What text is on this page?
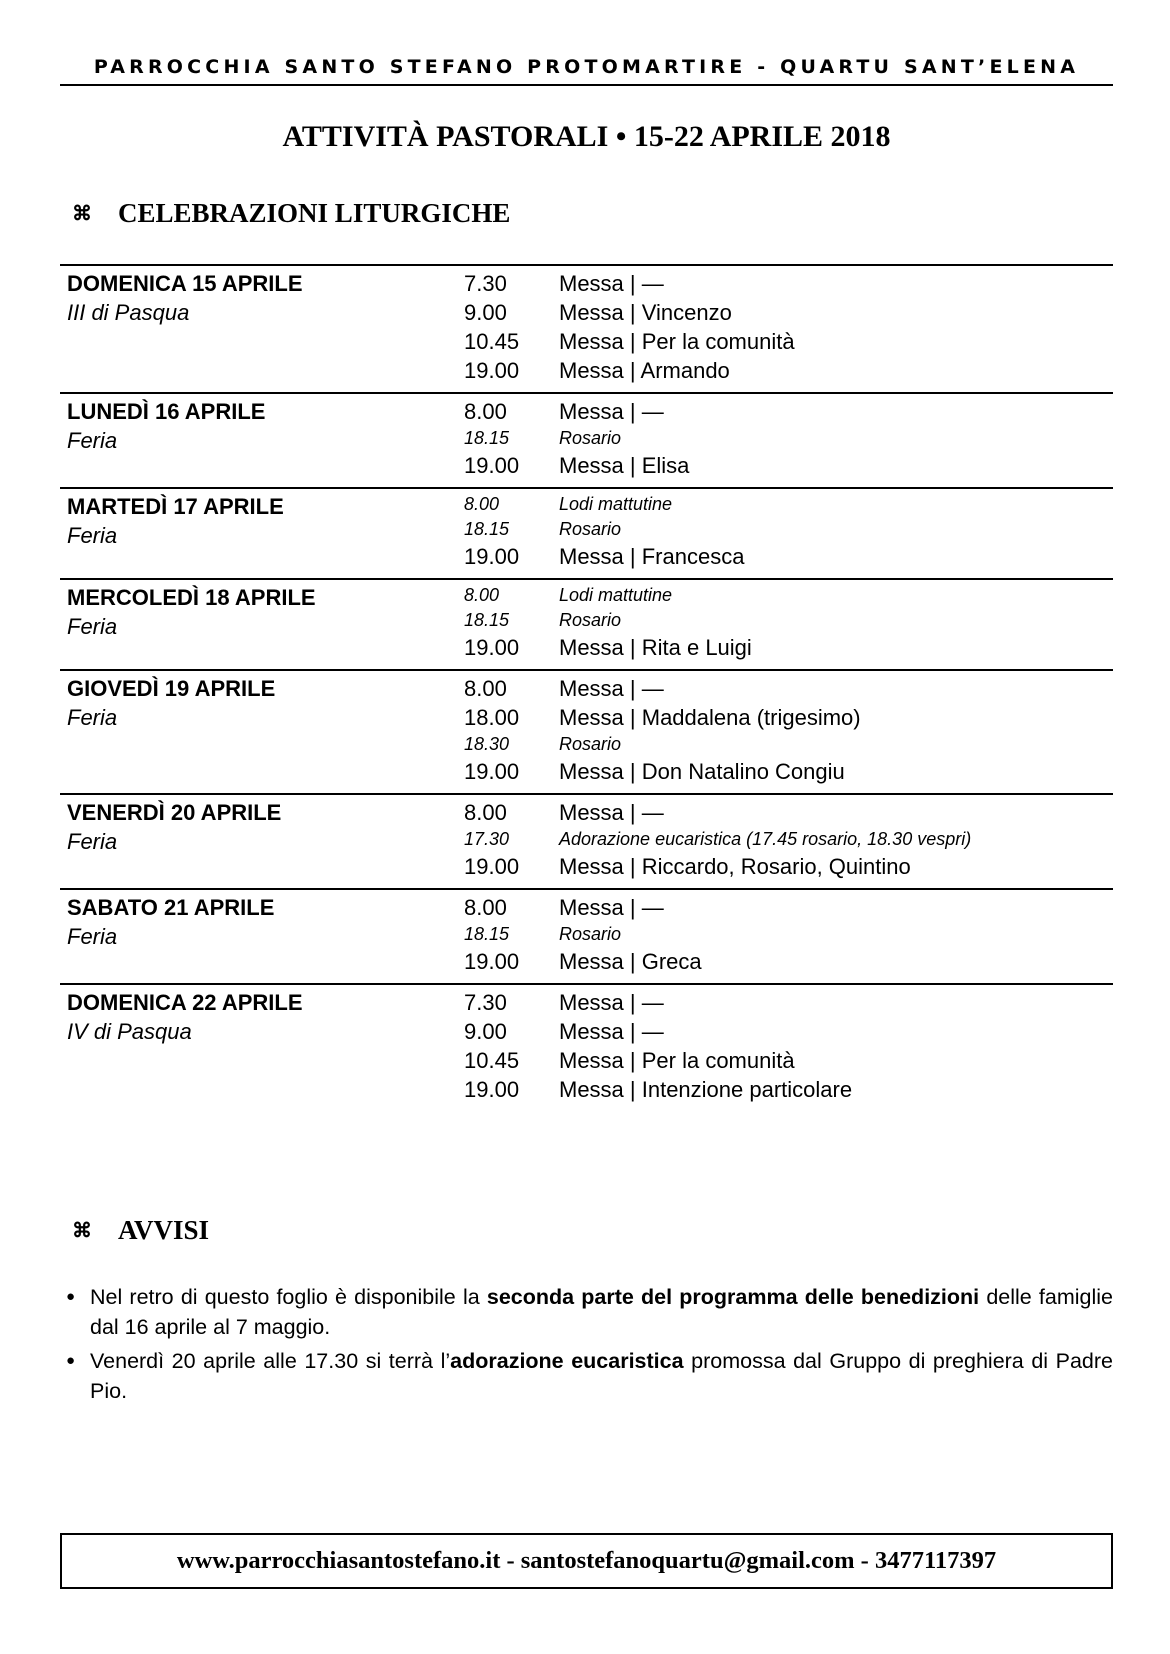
PARROCCHIA SANTO STEFANO PROTOMARTIRE - QUARTU SANT’ELENA
ATTIVITÀ PASTORALI • 15-22 APRILE 2018
⌘ CELEBRAZIONI LITURGICHE
DOMENICA 15 APRILE
III di Pasqua
7.30	Messa | —
9.00	Messa | Vincenzo
10.45	Messa | Per la comunità
19.00	Messa | Armando
LUNEDÌ 16 APRILE
Feria
8.00	Messa | —
18.15	Rosario
19.00	Messa | Elisa
MARTEDÌ 17 APRILE
Feria
8.00	Lodi mattutine
18.15	Rosario
19.00	Messa | Francesca
MERCOLEDÌ 18 APRILE
Feria
8.00	Lodi mattutine
18.15	Rosario
19.00	Messa | Rita e Luigi
GIOVEDÌ 19 APRILE
Feria
8.00	Messa | —
18.00	Messa | Maddalena (trigesimo)
18.30	Rosario
19.00	Messa | Don Natalino Congiu
VENERDÌ 20 APRILE
Feria
8.00	Messa | —
17.30	Adorazione eucaristica (17.45 rosario, 18.30 vespri)
19.00	Messa | Riccardo, Rosario, Quintino
SABATO 21 APRILE
Feria
8.00	Messa | —
18.15	Rosario
19.00	Messa | Greca
DOMENICA 22 APRILE
IV di Pasqua
7.30	Messa | —
9.00	Messa | —
10.45	Messa | Per la comunità
19.00	Messa | Intenzione particolare
⌘ AVVISI
● Nel retro di questo foglio è disponibile la seconda parte del programma delle benedizioni delle famiglie dal 16 aprile al 7 maggio.
● Venerdì 20 aprile alle 17.30 si terrà l’adorazione eucaristica promossa dal Gruppo di preghiera di Padre Pio.
www.parrocchiasantostefano.it - santostefanoquartu@gmail.com - 3477117397
